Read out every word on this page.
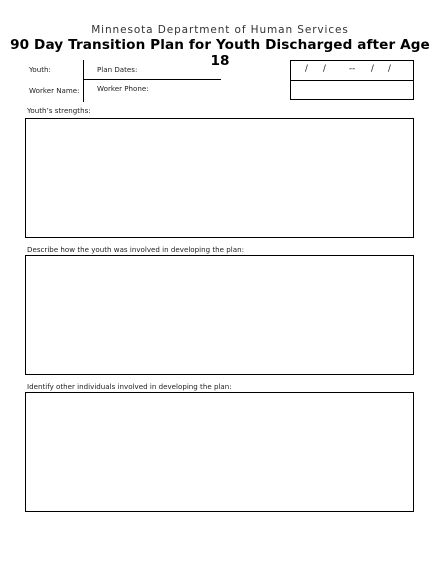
Minnesota Department of Human Services
90 Day Transition Plan for Youth Discharged after Age 18
Youth:
Worker Name:
Plan Dates:
Worker Phone:
/ /	-- / /
Youth’s strengths:
Describe how the youth was involved in developing the plan:
Identify other individuals involved in developing the plan:
